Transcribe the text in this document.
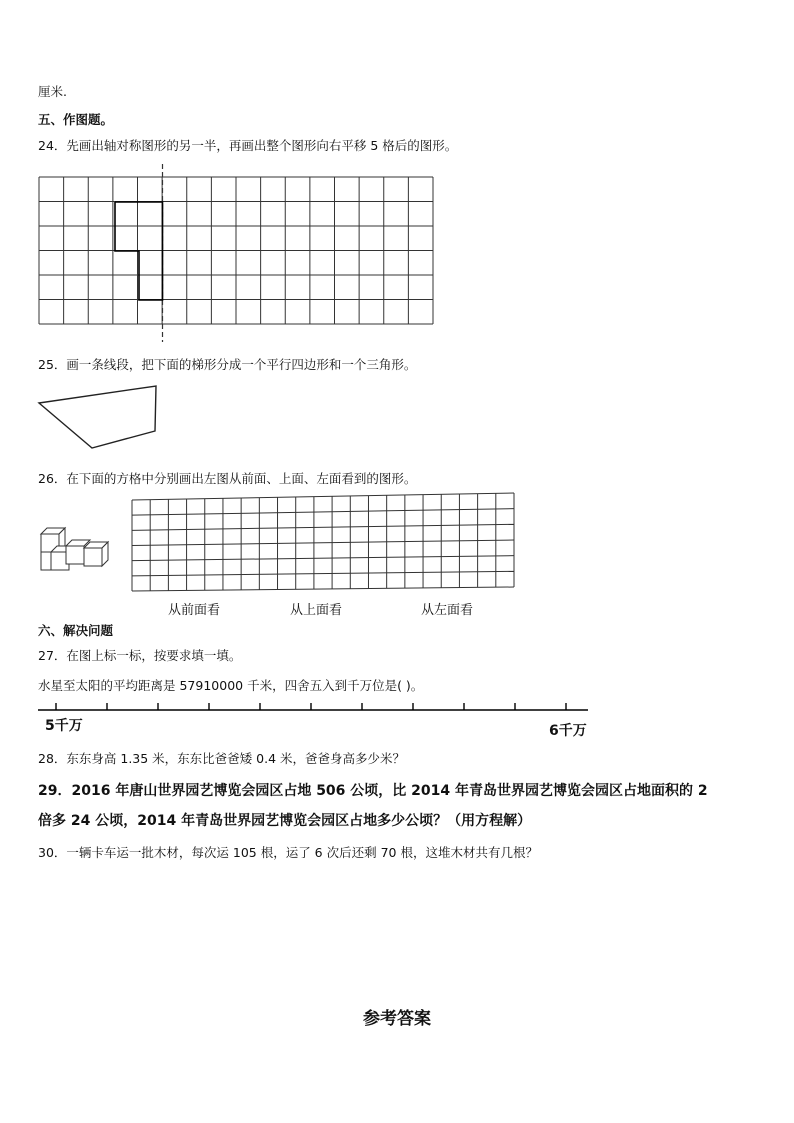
厘米.
五、作图题。
24．先画出轴对称图形的另一半，再画出整个图形向右平移 5 格后的图形。
25．画一条线段，把下面的梯形分成一个平行四边形和一个三角形。
26．在下面的方格中分别画出左图从前面、上面、左面看到的图形。
从前面看	从上面看	从左面看
六、解决问题
27．在图上标一标，按要求填一填。
水星至太阳的平均距离是 57910000 千米，四舍五入到千万位是( )。
5千万	6千万
28．东东身高 1.35 米，东东比爸爸矮 0.4 米，爸爸身高多少米？
29．2016 年唐山世界园艺博览会园区占地 506 公顷，比 2014 年青岛世界园艺博览会园区占地面积的 2
倍多 24 公顷，2014 年青岛世界园艺博览会园区占地多少公顷？（用方程解）
30．一辆卡车运一批木材，每次运 105 根，运了 6 次后还剩 70 根，这堆木材共有几根？
参考答案
